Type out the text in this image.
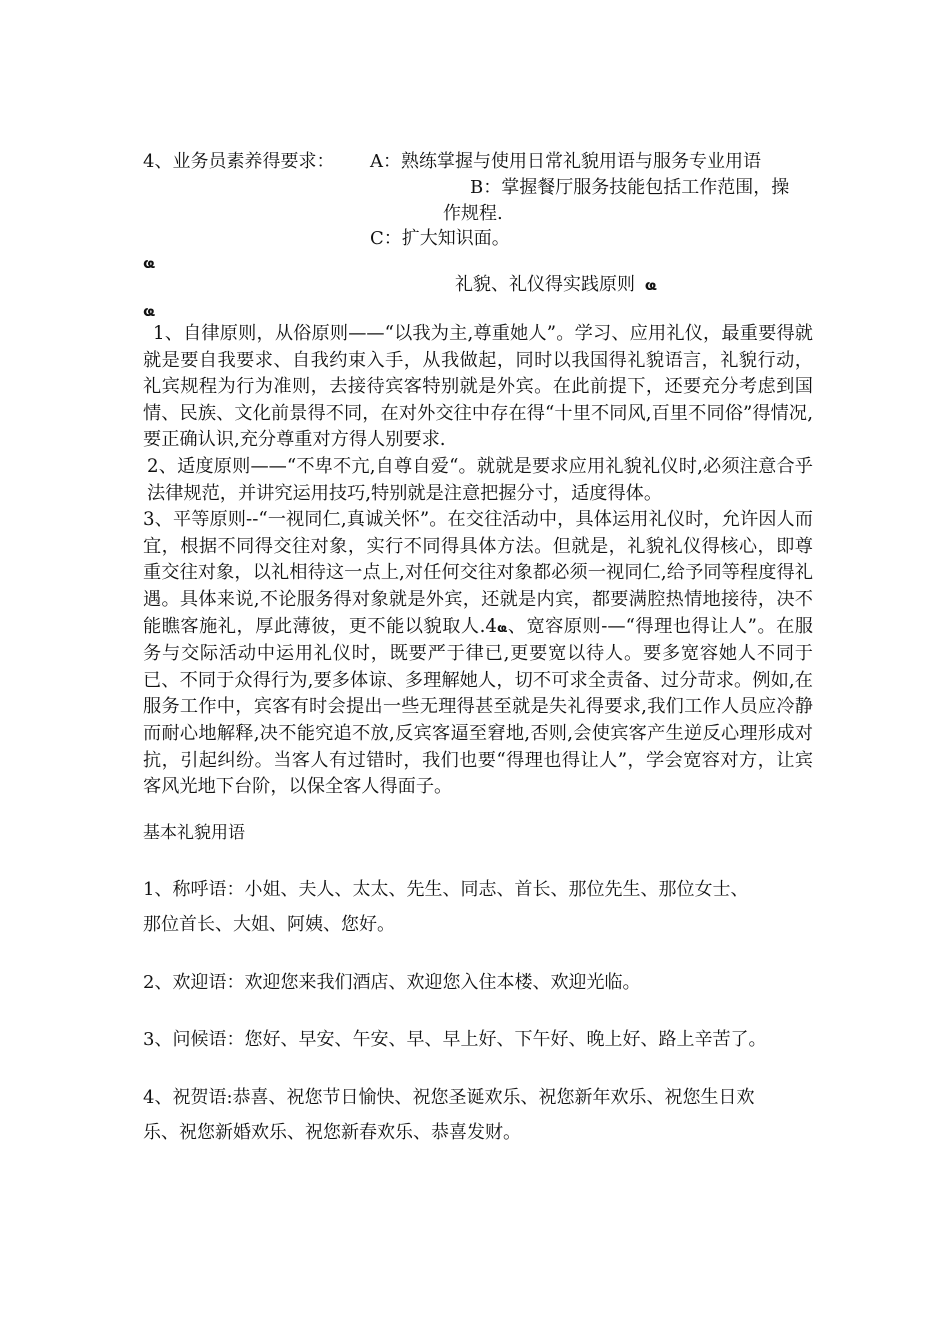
4、业务员素养得要求： A：熟练掌握与使用日常礼貌用语与服务专业用语
B：掌握餐厅服务技能包括工作范围，操
作规程.
C：扩大知识面。
ҩ
礼貌、礼仪得实践原则 ҩ
ҩ

1、自律原则，从俗原则——“以我为主,尊重她人”。学习、应用礼仪，最重要得就就是要自我要求、自我约束入手，从我做起，同时以我国得礼貌语言，礼貌行动，礼宾规程为行为准则，去接待宾客特别就是外宾。在此前提下，还要充分考虑到国情、民族、文化前景得不同，在对外交往中存在得“十里不同风,百里不同俗”得情况,要正确认识,充分尊重对方得人别要求.

2、适度原则——“不卑不亢,自尊自爱“。就就是要求应用礼貌礼仪时,必须注意合乎法律规范，并讲究运用技巧,特别就是注意把握分寸，适度得体。

3、平等原则--“一视同仁,真诚关怀”。在交往活动中，具体运用礼仪时，允许因人而宜，根据不同得交往对象，实行不同得具体方法。但就是，礼貌礼仪得核心，即尊重交往对象，以礼相待这一点上,对任何交往对象都必须一视同仁,给予同等程度得礼遇。具体来说,不论服务得对象就是外宾，还就是内宾，都要满腔热情地接待，决不能瞧客施礼，厚此薄彼，更不能以貌取人.4ҩ、宽容原则-—“得理也得让人”。在服务与交际活动中运用礼仪时，既要严于律已,更要宽以待人。要多宽容她人不同于已、不同于众得行为,要多体谅、多理解她人，切不可求全责备、过分苛求。例如,在服务工作中，宾客有时会提出一些无理得甚至就是失礼得要求,我们工作人员应冷静而耐心地解释,决不能究追不放,反宾客逼至窘地,否则,会使宾客产生逆反心理形成对抗，引起纠纷。当客人有过错时，我们也要“得理也得让人”，学会宽容对方，让宾客风光地下台阶，以保全客人得面子。

基本礼貌用语
1、称呼语：小姐、夫人、太太、先生、同志、首长、那位先生、那位女士、
那位首长、大姐、阿姨、您好。
2、欢迎语：欢迎您来我们酒店、欢迎您入住本楼、欢迎光临。
3、问候语：您好、早安、午安、早、早上好、下午好、晚上好、路上辛苦了。
4、祝贺语:恭喜、祝您节日愉快、祝您圣诞欢乐、祝您新年欢乐、祝您生日欢
乐、祝您新婚欢乐、祝您新春欢乐、恭喜发财。
